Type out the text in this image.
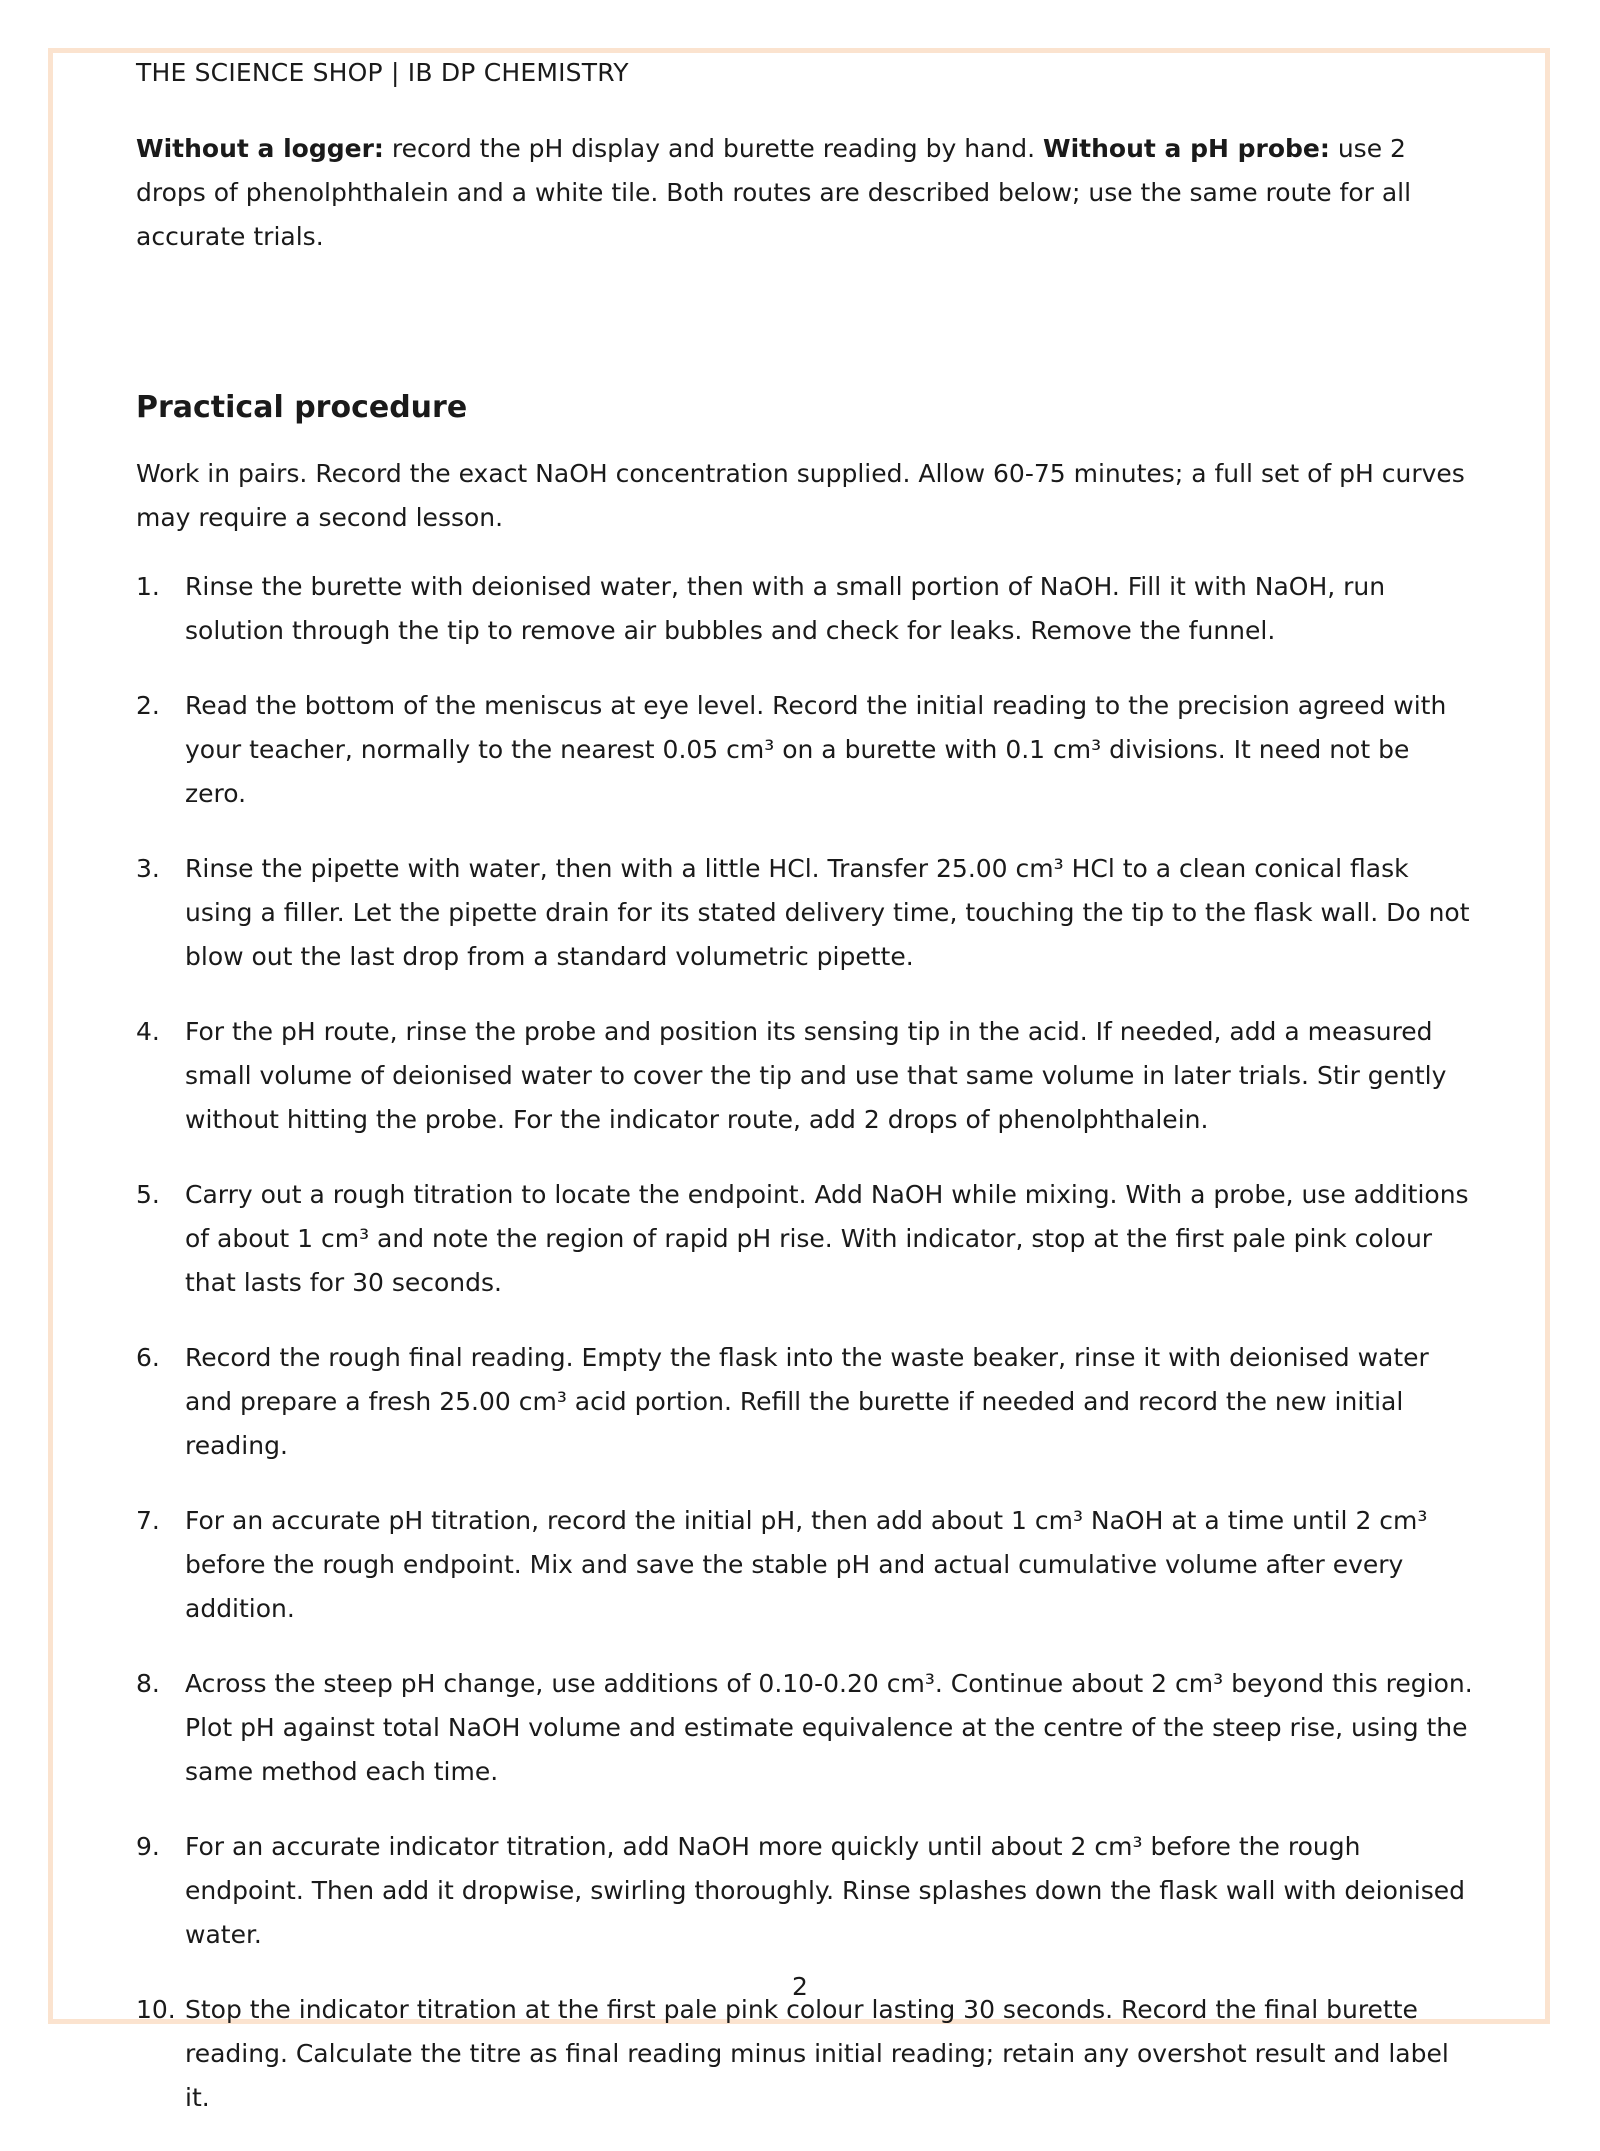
THE SCIENCE SHOP | IB DP CHEMISTRY

Without a logger: record the pH display and burette reading by hand. Without a pH probe: use 2 drops of phenolphthalein and a white tile. Both routes are described below; use the same route for all accurate trials.

Practical procedure

Work in pairs. Record the exact NaOH concentration supplied. Allow 60-75 minutes; a full set of pH curves may require a second lesson.

1. Rinse the burette with deionised water, then with a small portion of NaOH. Fill it with NaOH, run solution through the tip to remove air bubbles and check for leaks. Remove the funnel.
2. Read the bottom of the meniscus at eye level. Record the initial reading to the precision agreed with your teacher, normally to the nearest 0.05 cm³ on a burette with 0.1 cm³ divisions. It need not be zero.
3. Rinse the pipette with water, then with a little HCl. Transfer 25.00 cm³ HCl to a clean conical flask using a filler. Let the pipette drain for its stated delivery time, touching the tip to the flask wall. Do not blow out the last drop from a standard volumetric pipette.
4. For the pH route, rinse the probe and position its sensing tip in the acid. If needed, add a measured small volume of deionised water to cover the tip and use that same volume in later trials. Stir gently without hitting the probe. For the indicator route, add 2 drops of phenolphthalein.
5. Carry out a rough titration to locate the endpoint. Add NaOH while mixing. With a probe, use additions of about 1 cm³ and note the region of rapid pH rise. With indicator, stop at the first pale pink colour that lasts for 30 seconds.
6. Record the rough final reading. Empty the flask into the waste beaker, rinse it with deionised water and prepare a fresh 25.00 cm³ acid portion. Refill the burette if needed and record the new initial reading.
7. For an accurate pH titration, record the initial pH, then add about 1 cm³ NaOH at a time until 2 cm³ before the rough endpoint. Mix and save the stable pH and actual cumulative volume after every addition.
8. Across the steep pH change, use additions of 0.10-0.20 cm³. Continue about 2 cm³ beyond this region. Plot pH against total NaOH volume and estimate equivalence at the centre of the steep rise, using the same method each time.
9. For an accurate indicator titration, add NaOH more quickly until about 2 cm³ before the rough endpoint. Then add it dropwise, swirling thoroughly. Rinse splashes down the flask wall with deionised water.
10. Stop the indicator titration at the first pale pink colour lasting 30 seconds. Record the final burette reading. Calculate the titre as final reading minus initial reading; retain any overshot result and label it.
2
